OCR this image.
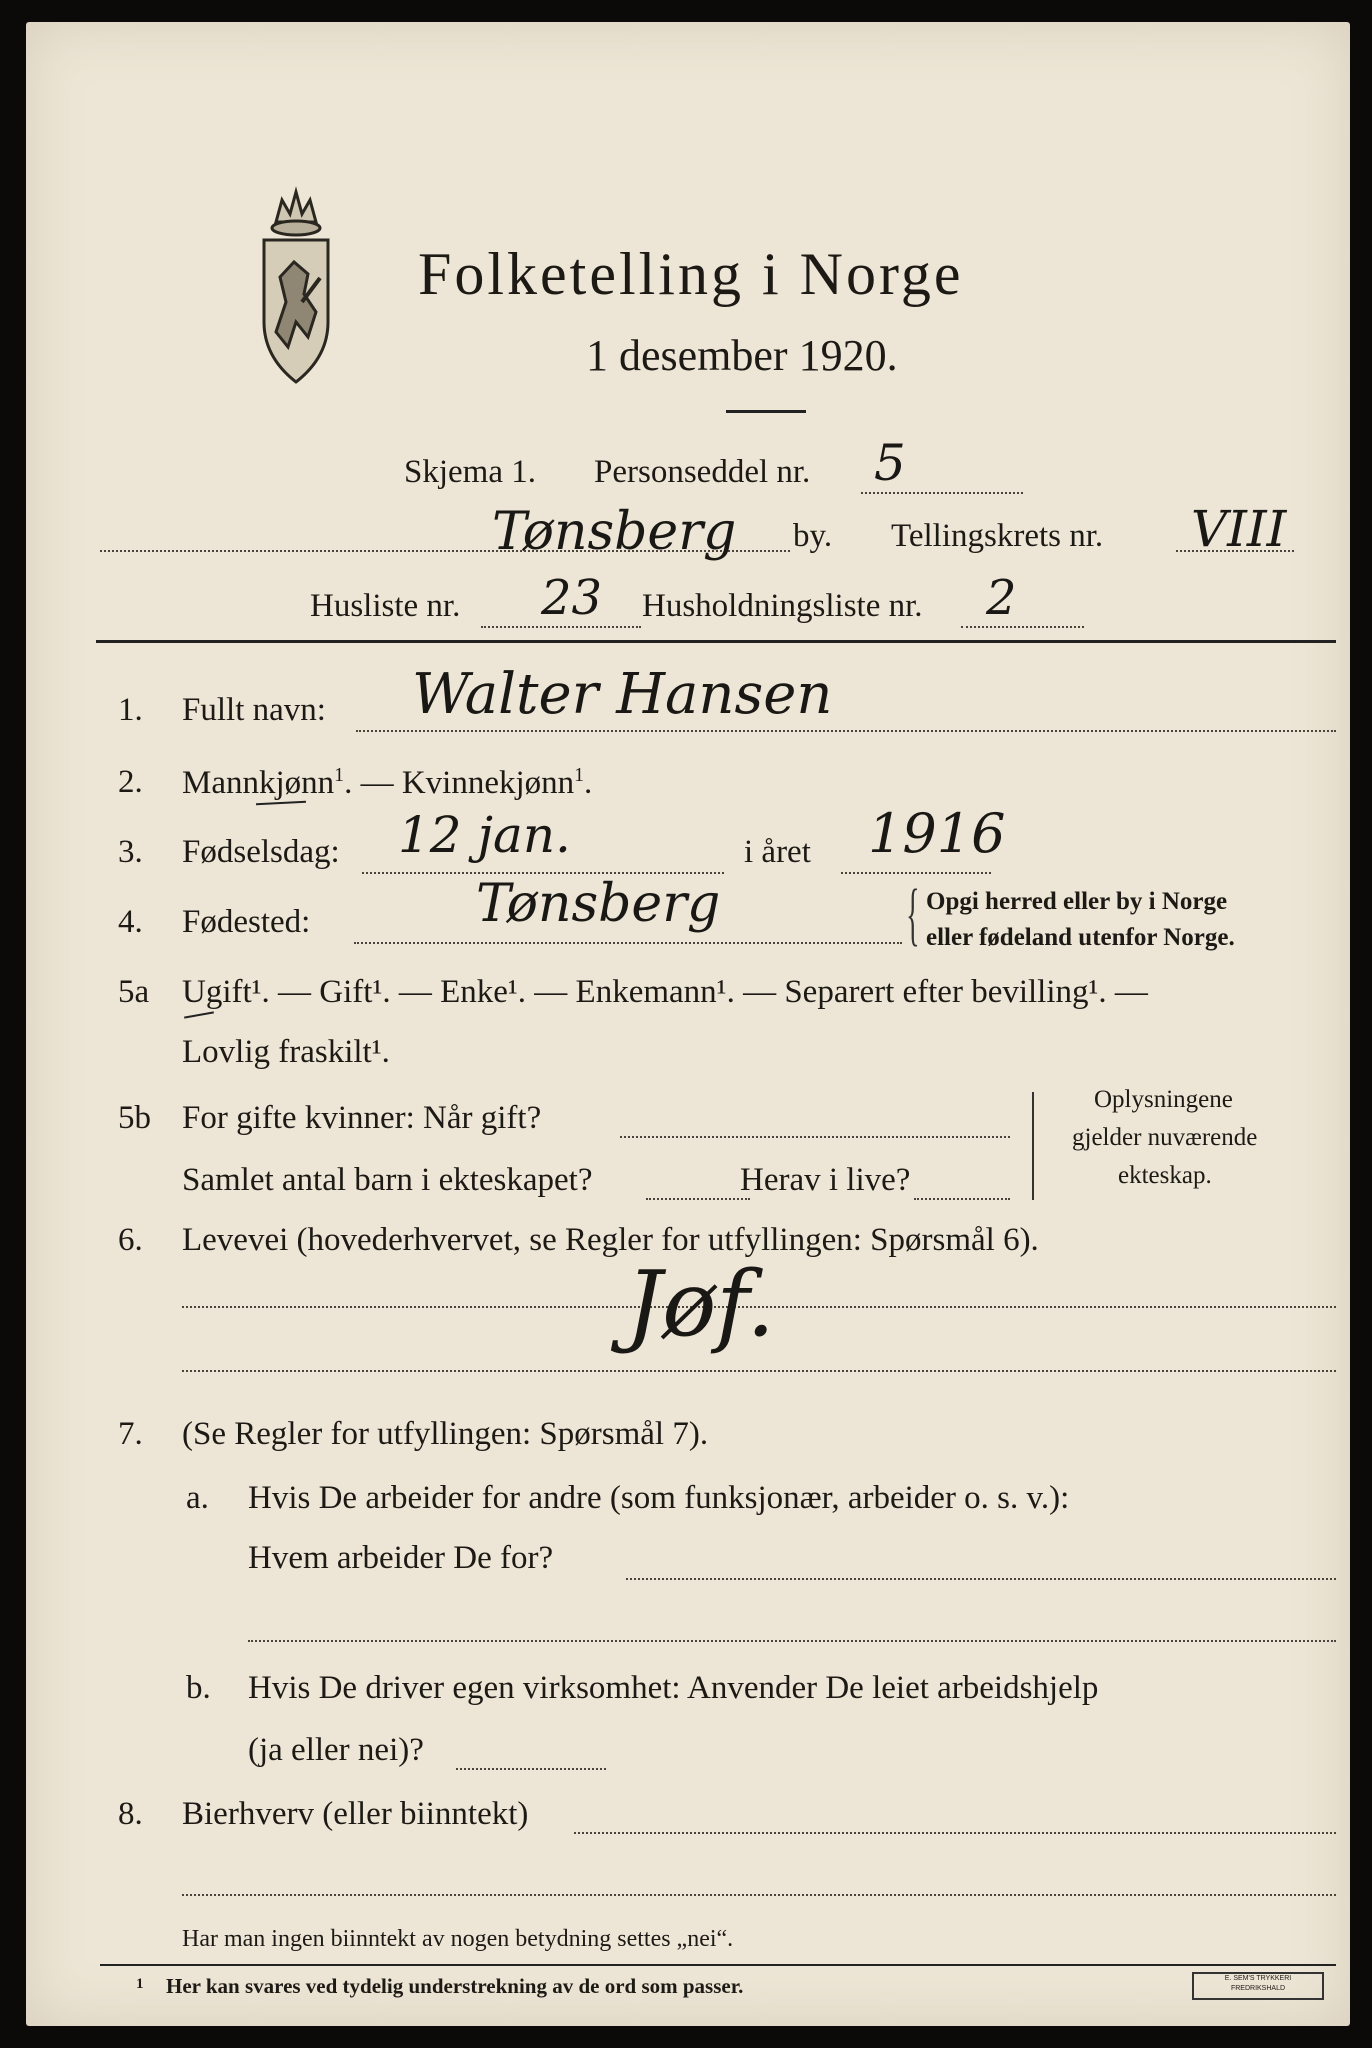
Folketelling i Norge
1 desember 1920.
Skjema 1. Personseddel nr. 5
Tønsberg by. Tellingskrets nr. VIII
Husliste nr. 23 Husholdningsliste nr. 2
1. Fullt navn: Walter Hansen
2. Mannkjønn$^1$. — Kvinnekjønn$^1$.
3. Fødselsdag: 12 jan.	i året 1916
4. Fødested:	Tønsberg	{ Opgi herred eller by i Norge
eller fødeland utenfor Norge.
5a Ugift¹. — Gift¹. — Enke¹. — Enkemann¹. — Separert efter bevilling¹. —
Lovlig fraskilt¹.
5b For gifte kvinner: Når gift?
Samlet antal barn i ekteskapet?	Herav i live?
Oplysningene
gjelder nuværende
ekteskap.
6. Levevei (hovederhvervet, se Regler for utfyllingen: Spørsmål 6).
Jøf.
7. (Se Regler for utfyllingen: Spørsmål 7).
a. Hvis De arbeider for andre (som funksjonær, arbeider o. s. v.):
Hvem arbeider De for?
b. Hvis De driver egen virksomhet: Anvender De leiet arbeidshjelp
(ja eller nei)?
8. Bierhverv (eller biinntekt)
Har man ingen biinntekt av nogen betydning settes „nei“.
1 Her kan svares ved tydelig understrekning av de ord som passer.	E. SEM'S TRYKKERI
FREDRIKSHALD
